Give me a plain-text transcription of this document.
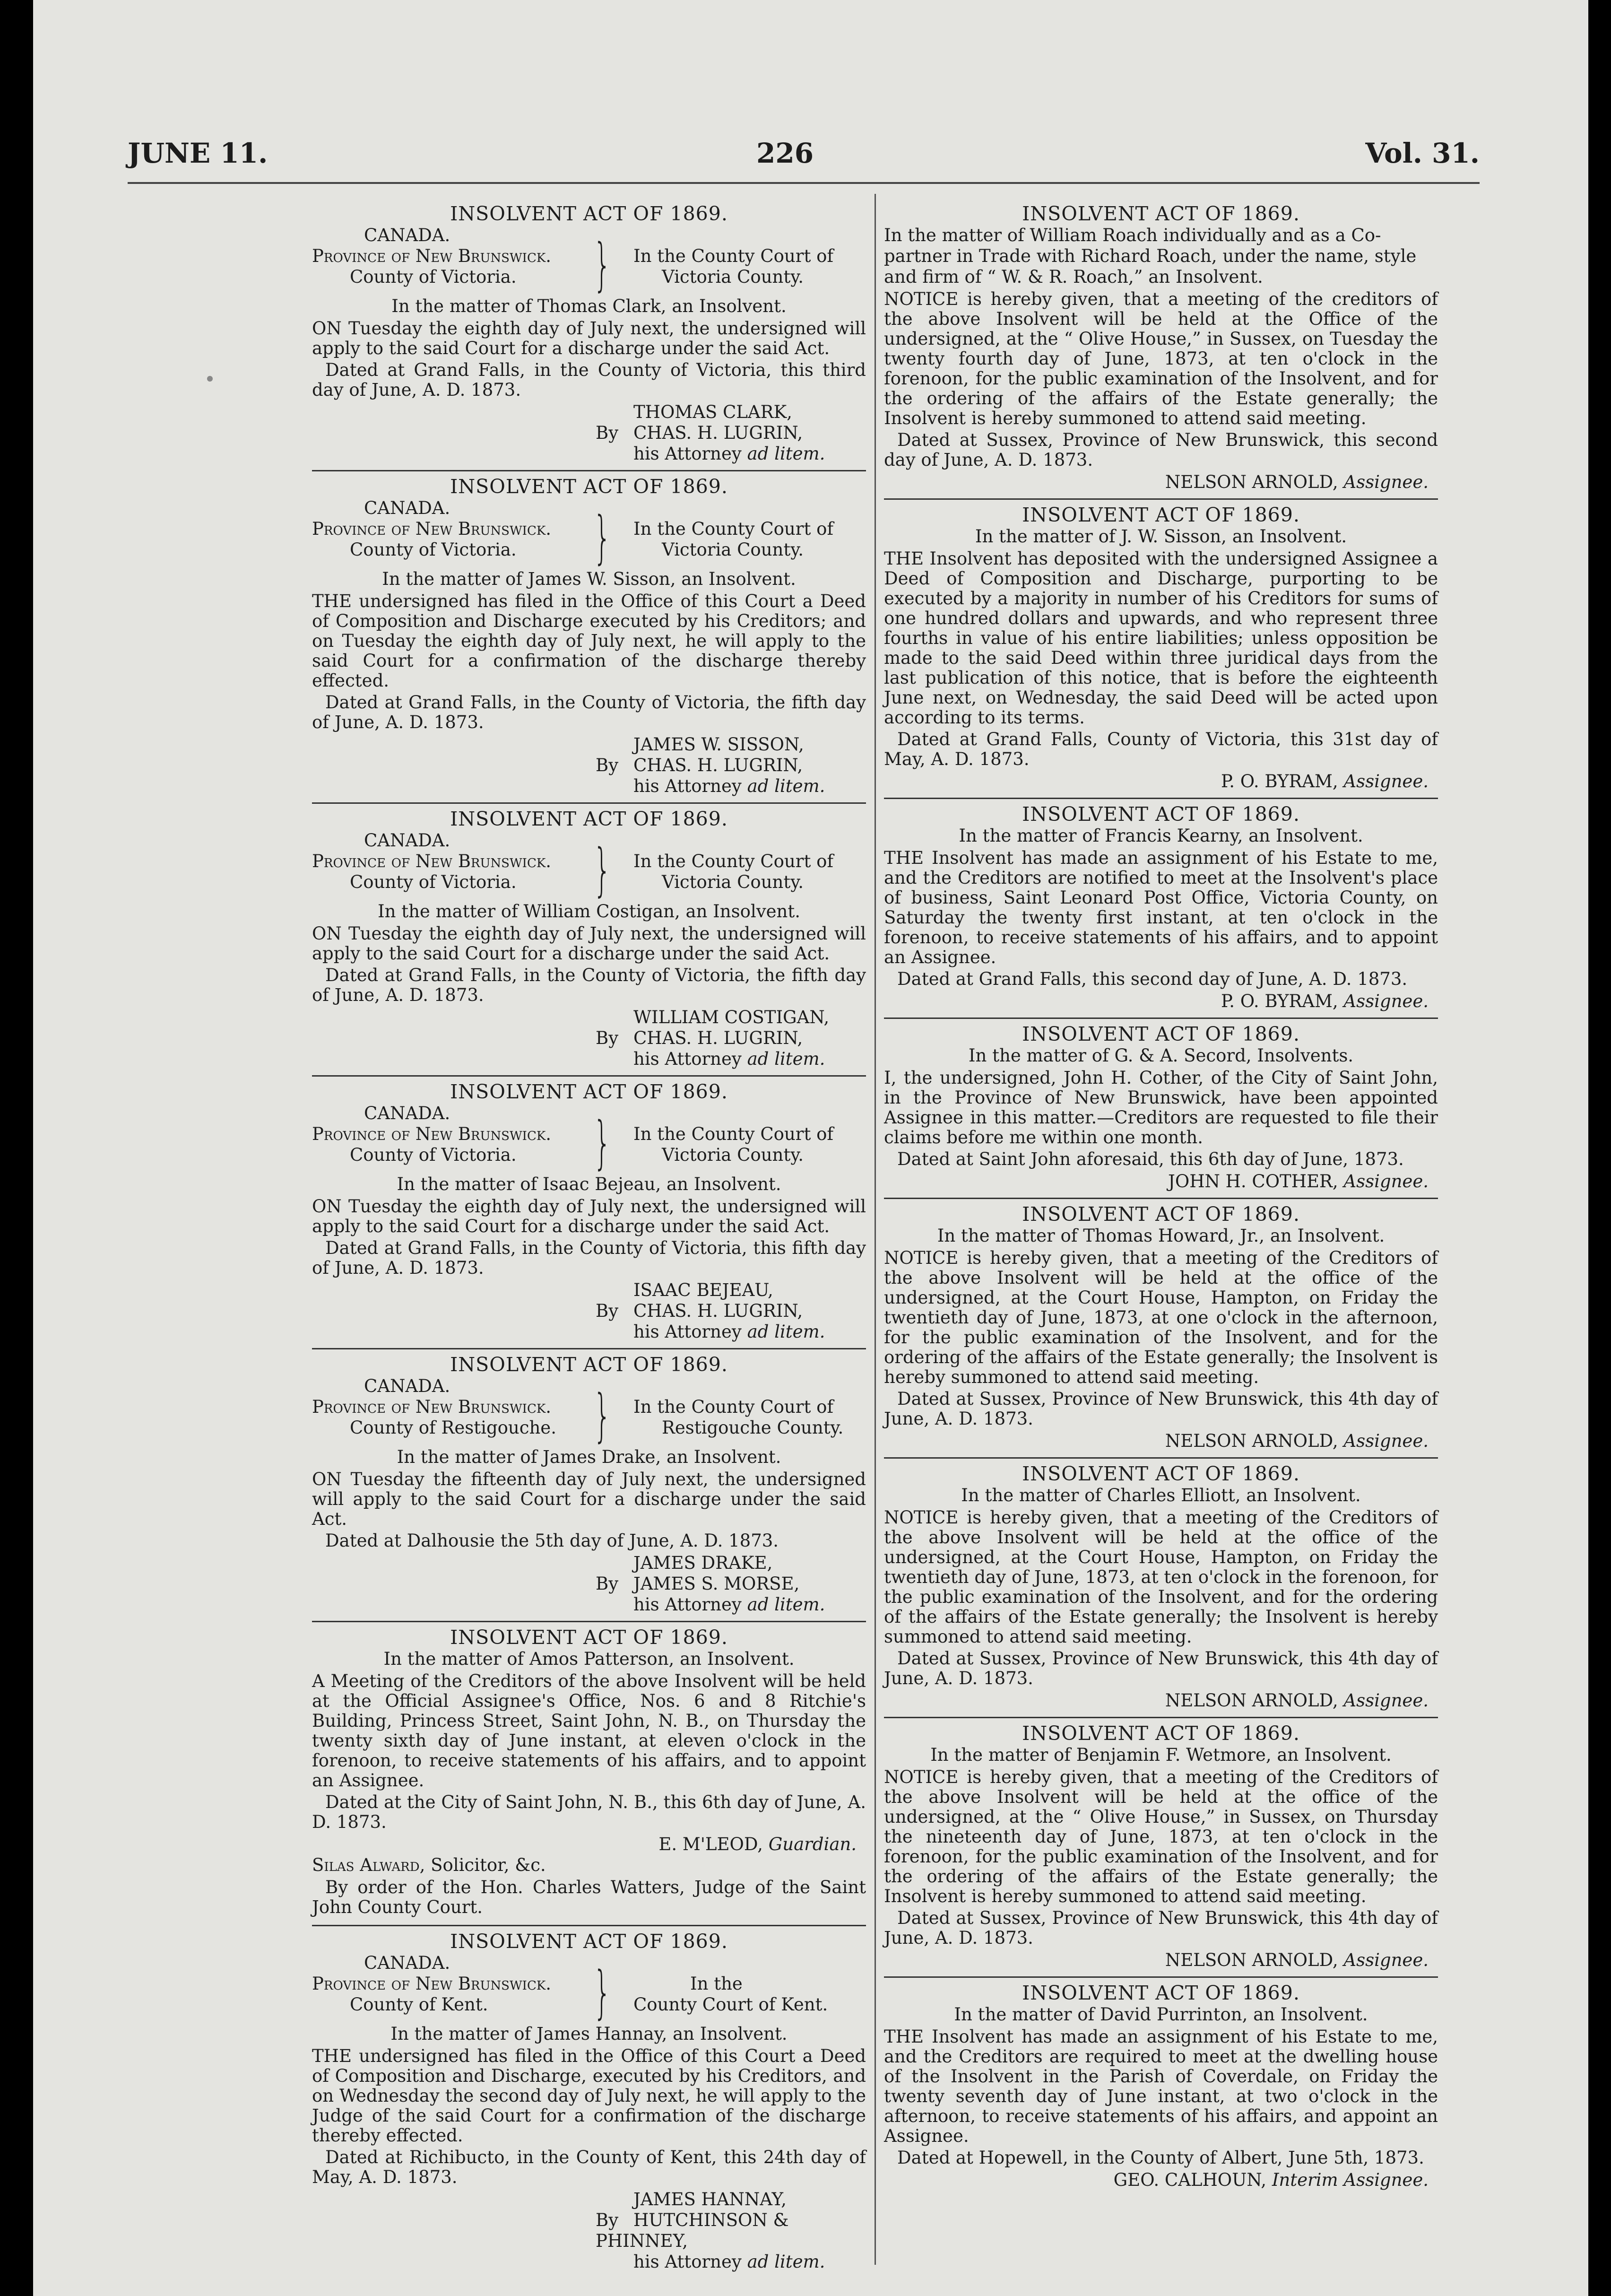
JUNE 11.	226	Vol. 31.
INSOLVENT ACT OF 1869.
CANADA.
Province of New Brunswick.
County of Victoria. } In the County Court of
Victoria County.
In the matter of Thomas Clark, an Insolvent.

ON Tuesday the eighth day of July next, the undersigned will apply to the said Court for a discharge under the said Act.

Dated at Grand Falls, in the County of Victoria, this third day of June, A. D. 1873.

THOMAS CLARK,
By CHAS. H. LUGRIN,
his Attorney ad litem.
INSOLVENT ACT OF 1869.
CANADA.
Province of New Brunswick.
County of Victoria. } In the County Court of
Victoria County.
In the matter of James W. Sisson, an Insolvent.

THE undersigned has filed in the Office of this Court a Deed of Composition and Discharge executed by his Creditors; and on Tuesday the eighth day of July next, he will apply to the said Court for a confirmation of the discharge thereby effected.

Dated at Grand Falls, in the County of Victoria, the fifth day of June, A. D. 1873.

JAMES W. SISSON,
By CHAS. H. LUGRIN,
his Attorney ad litem.
INSOLVENT ACT OF 1869.
CANADA.
Province of New Brunswick.
County of Victoria. } In the County Court of
Victoria County.
In the matter of William Costigan, an Insolvent.

ON Tuesday the eighth day of July next, the undersigned will apply to the said Court for a discharge under the said Act.

Dated at Grand Falls, in the County of Victoria, the fifth day of June, A. D. 1873.

WILLIAM COSTIGAN,
By CHAS. H. LUGRIN,
his Attorney ad litem.
INSOLVENT ACT OF 1869.
CANADA.
Province of New Brunswick.
County of Victoria. } In the County Court of
Victoria County.
In the matter of Isaac Bejeau, an Insolvent.

ON Tuesday the eighth day of July next, the undersigned will apply to the said Court for a discharge under the said Act.

Dated at Grand Falls, in the County of Victoria, this fifth day of June, A. D. 1873.

ISAAC BEJEAU,
By CHAS. H. LUGRIN,
his Attorney ad litem.
INSOLVENT ACT OF 1869.
CANADA.
Province of New Brunswick.
County of Restigouche. } In the County Court of
Restigouche County.
In the matter of James Drake, an Insolvent.

ON Tuesday the fifteenth day of July next, the undersigned will apply to the said Court for a discharge under the said Act.

Dated at Dalhousie the 5th day of June, A. D. 1873.

JAMES DRAKE,
By JAMES S. MORSE,
his Attorney ad litem.
INSOLVENT ACT OF 1869.
In the matter of Amos Patterson, an Insolvent.

A Meeting of the Creditors of the above Insolvent will be held at the Official Assignee's Office, Nos. 6 and 8 Ritchie's Building, Princess Street, Saint John, N. B., on Thursday the twenty sixth day of June instant, at eleven o'clock in the forenoon, to receive statements of his affairs, and to appoint an Assignee.

Dated at the City of Saint John, N. B., this 6th day of June, A. D. 1873.

E. M'LEOD, Guardian.
Silas Alward, Solicitor, &c.

By order of the Hon. Charles Watters, Judge of the Saint John County Court.

INSOLVENT ACT OF 1869.
CANADA.
Province of New Brunswick.
County of Kent. }	In the
County Court of Kent.
In the matter of James Hannay, an Insolvent.

THE undersigned has filed in the Office of this Court a Deed of Composition and Discharge, executed by his Creditors, and on Wednesday the second day of July next, he will apply to the Judge of the said Court for a confirmation of the discharge thereby effected.

Dated at Richibucto, in the County of Kent, this 24th day of May, A. D. 1873.

JAMES HANNAY,
By HUTCHINSON & PHINNEY,
his Attorney ad litem.
INSOLVENT ACT OF 1869.
In the matter of William Roach individually and as a Co-partner in Trade with Richard Roach, under the name, style and firm of “ W. & R. Roach,” an Insolvent.

NOTICE is hereby given, that a meeting of the creditors of the above Insolvent will be held at the Office of the undersigned, at the “ Olive House,” in Sussex, on Tuesday the twenty fourth day of June, 1873, at ten o'clock in the forenoon, for the public examination of the Insolvent, and for the ordering of the affairs of the Estate generally; the Insolvent is hereby summoned to attend said meeting.

Dated at Sussex, Province of New Brunswick, this second day of June, A. D. 1873.

NELSON ARNOLD, Assignee.
INSOLVENT ACT OF 1869.
In the matter of J. W. Sisson, an Insolvent.

THE Insolvent has deposited with the undersigned Assignee a Deed of Composition and Discharge, purporting to be executed by a majority in number of his Creditors for sums of one hundred dollars and upwards, and who represent three fourths in value of his entire liabilities; unless opposition be made to the said Deed within three juridical days from the last publication of this notice, that is before the eighteenth June next, on Wednesday, the said Deed will be acted upon according to its terms.

Dated at Grand Falls, County of Victoria, this 31st day of May, A. D. 1873.

P. O. BYRAM, Assignee.
INSOLVENT ACT OF 1869.
In the matter of Francis Kearny, an Insolvent.

THE Insolvent has made an assignment of his Estate to me, and the Creditors are notified to meet at the Insolvent's place of business, Saint Leonard Post Office, Victoria County, on Saturday the twenty first instant, at ten o'clock in the forenoon, to receive statements of his affairs, and to appoint an Assignee.

Dated at Grand Falls, this second day of June, A. D. 1873.

P. O. BYRAM, Assignee.
INSOLVENT ACT OF 1869.
In the matter of G. & A. Secord, Insolvents.

I, the undersigned, John H. Cother, of the City of Saint John, in the Province of New Brunswick, have been appointed Assignee in this matter.—Creditors are requested to file their claims before me within one month.

Dated at Saint John aforesaid, this 6th day of June, 1873.

JOHN H. COTHER, Assignee.
INSOLVENT ACT OF 1869.
In the matter of Thomas Howard, Jr., an Insolvent.

NOTICE is hereby given, that a meeting of the Creditors of the above Insolvent will be held at the office of the undersigned, at the Court House, Hampton, on Friday the twentieth day of June, 1873, at one o'clock in the afternoon, for the public examination of the Insolvent, and for the ordering of the affairs of the Estate generally; the Insolvent is hereby summoned to attend said meeting.

Dated at Sussex, Province of New Brunswick, this 4th day of June, A. D. 1873.

NELSON ARNOLD, Assignee.
INSOLVENT ACT OF 1869.
In the matter of Charles Elliott, an Insolvent.

NOTICE is hereby given, that a meeting of the Creditors of the above Insolvent will be held at the office of the undersigned, at the Court House, Hampton, on Friday the twentieth day of June, 1873, at ten o'clock in the forenoon, for the public examination of the Insolvent, and for the ordering of the affairs of the Estate generally; the Insolvent is hereby summoned to attend said meeting.

Dated at Sussex, Province of New Brunswick, this 4th day of June, A. D. 1873.

NELSON ARNOLD, Assignee.
INSOLVENT ACT OF 1869.
In the matter of Benjamin F. Wetmore, an Insolvent.

NOTICE is hereby given, that a meeting of the Creditors of the above Insolvent will be held at the office of the undersigned, at the “ Olive House,” in Sussex, on Thursday the nineteenth day of June, 1873, at ten o'clock in the forenoon, for the public examination of the Insolvent, and for the ordering of the affairs of the Estate generally; the Insolvent is hereby summoned to attend said meeting.

Dated at Sussex, Province of New Brunswick, this 4th day of June, A. D. 1873.

NELSON ARNOLD, Assignee.
INSOLVENT ACT OF 1869.
In the matter of David Purrinton, an Insolvent.

THE Insolvent has made an assignment of his Estate to me, and the Creditors are required to meet at the dwelling house of the Insolvent in the Parish of Coverdale, on Friday the twenty seventh day of June instant, at two o'clock in the afternoon, to receive statements of his affairs, and appoint an Assignee.

Dated at Hopewell, in the County of Albert, June 5th, 1873.

GEO. CALHOUN, Interim Assignee.
